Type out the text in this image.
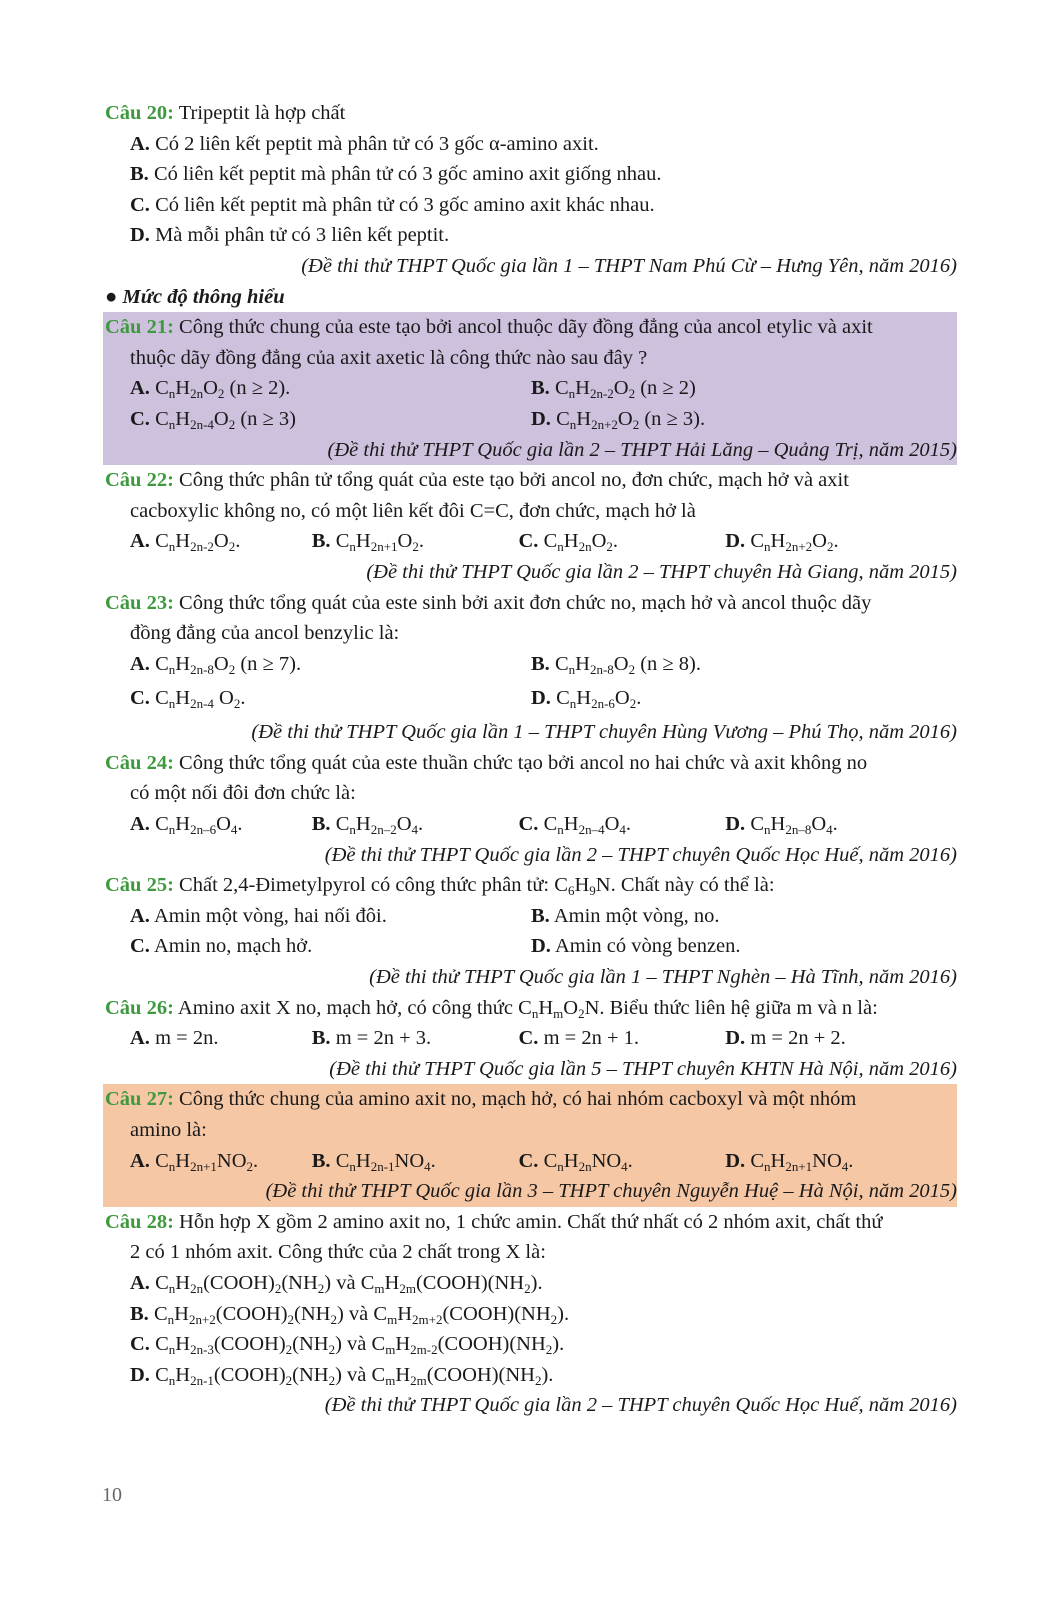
Câu 20: Tripeptit là hợp chất
A. Có 2 liên kết peptit mà phân tử có 3 gốc α-amino axit.
B. Có liên kết peptit mà phân tử có 3 gốc amino axit giống nhau.
C. Có liên kết peptit mà phân tử có 3 gốc amino axit khác nhau.
D. Mà mỗi phân tử có 3 liên kết peptit.
(Đề thi thử THPT Quốc gia lần 1 – THPT Nam Phú Cừ – Hưng Yên, năm 2016)
● Mức độ thông hiểu
Câu 21: Công thức chung của este tạo bởi ancol thuộc dãy đồng đẳng của ancol etylic và axit
thuộc dãy đồng đẳng của axit axetic là công thức nào sau đây ?
A. $C_nH_{2n}O_2$ (n ≥ 2).	B. $C_nH_{2n-2}O_2$ (n ≥ 2)
C. $C_nH_{2n-4}O_2$ (n ≥ 3)	D. $C_nH_{2n+2}O_2$ (n ≥ 3).
(Đề thi thử THPT Quốc gia lần 2 – THPT Hải Lăng – Quảng Trị, năm 2015)
Câu 22: Công thức phân tử tổng quát của este tạo bởi ancol no, đơn chức, mạch hở và axit
cacboxylic không no, có một liên kết đôi C=C, đơn chức, mạch hở là
A. $C_nH_{2n-2}O_2$.	B. $C_nH_{2n+1}O_2$.	C. $C_nH_{2n}O_2$.	D. $C_nH_{2n+2}O_2$.
(Đề thi thử THPT Quốc gia lần 2 – THPT chuyên Hà Giang, năm 2015)
Câu 23: Công thức tổng quát của este sinh bởi axit đơn chức no, mạch hở và ancol thuộc dãy
đồng đẳng của ancol benzylic là:
A. $C_nH_{2n-8}O_2$ (n ≥ 7).	B. $C_nH_{2n-8}O_2$ (n ≥ 8).
C. $C_nH_{2n-4}$ $O_2$.	D. $C_nH_{2n-6}O_2$.
(Đề thi thử THPT Quốc gia lần 1 – THPT chuyên Hùng Vương – Phú Thọ, năm 2016)
Câu 24: Công thức tổng quát của este thuần chức tạo bởi ancol no hai chức và axit không no
có một nối đôi đơn chức là:
A. $C_nH_{2n-6}O_4$.	B. $C_nH_{2n-2}O_4$.	C. $C_nH_{2n-4}O_4$.	D. $C_nH_{2n-8}O_4$.
(Đề thi thử THPT Quốc gia lần 2 – THPT chuyên Quốc Học Huế, năm 2016)
Câu 25: Chất 2,4-Đimetylpyrol có công thức phân tử: $C_6H_9N$. Chất này có thể là:
A. Amin một vòng, hai nối đôi.	B. Amin một vòng, no.
C. Amin no, mạch hở.	D. Amin có vòng benzen.
(Đề thi thử THPT Quốc gia lần 1 – THPT Nghèn – Hà Tĩnh, năm 2016)
Câu 26: Amino axit X no, mạch hở, có công thức $C_nH_mO_2N$. Biểu thức liên hệ giữa m và n là:
A. m = 2n.	B. m = 2n + 3.	C. m = 2n + 1.	D. m = 2n + 2.
(Đề thi thử THPT Quốc gia lần 5 – THPT chuyên KHTN Hà Nội, năm 2016)
Câu 27: Công thức chung của amino axit no, mạch hở, có hai nhóm cacboxyl và một nhóm
amino là:
A. $C_nH_{2n+1}NO_2$.	B. $C_nH_{2n-1}NO_4$.	C. $C_nH_{2n}NO_4$.	D. $C_nH_{2n+1}NO_4$.
(Đề thi thử THPT Quốc gia lần 3 – THPT chuyên Nguyễn Huệ – Hà Nội, năm 2015)
Câu 28: Hỗn hợp X gồm 2 amino axit no, 1 chức amin. Chất thứ nhất có 2 nhóm axit, chất thứ
2 có 1 nhóm axit. Công thức của 2 chất trong X là:
A. $C_nH_{2n}(COOH)_2(NH_2)$ và $C_mH_{2m}(COOH)(NH_2)$.
B. $C_nH_{2n+2}(COOH)_2(NH_2)$ và $C_mH_{2m+2}(COOH)(NH_2)$.
C. $C_nH_{2n-3}(COOH)_2(NH_2)$ và $C_mH_{2m-2}(COOH)(NH_2)$.
D. $C_nH_{2n-1}(COOH)_2(NH_2)$ và $C_mH_{2m}(COOH)(NH_2)$.
(Đề thi thử THPT Quốc gia lần 2 – THPT chuyên Quốc Học Huế, năm 2016)
10
